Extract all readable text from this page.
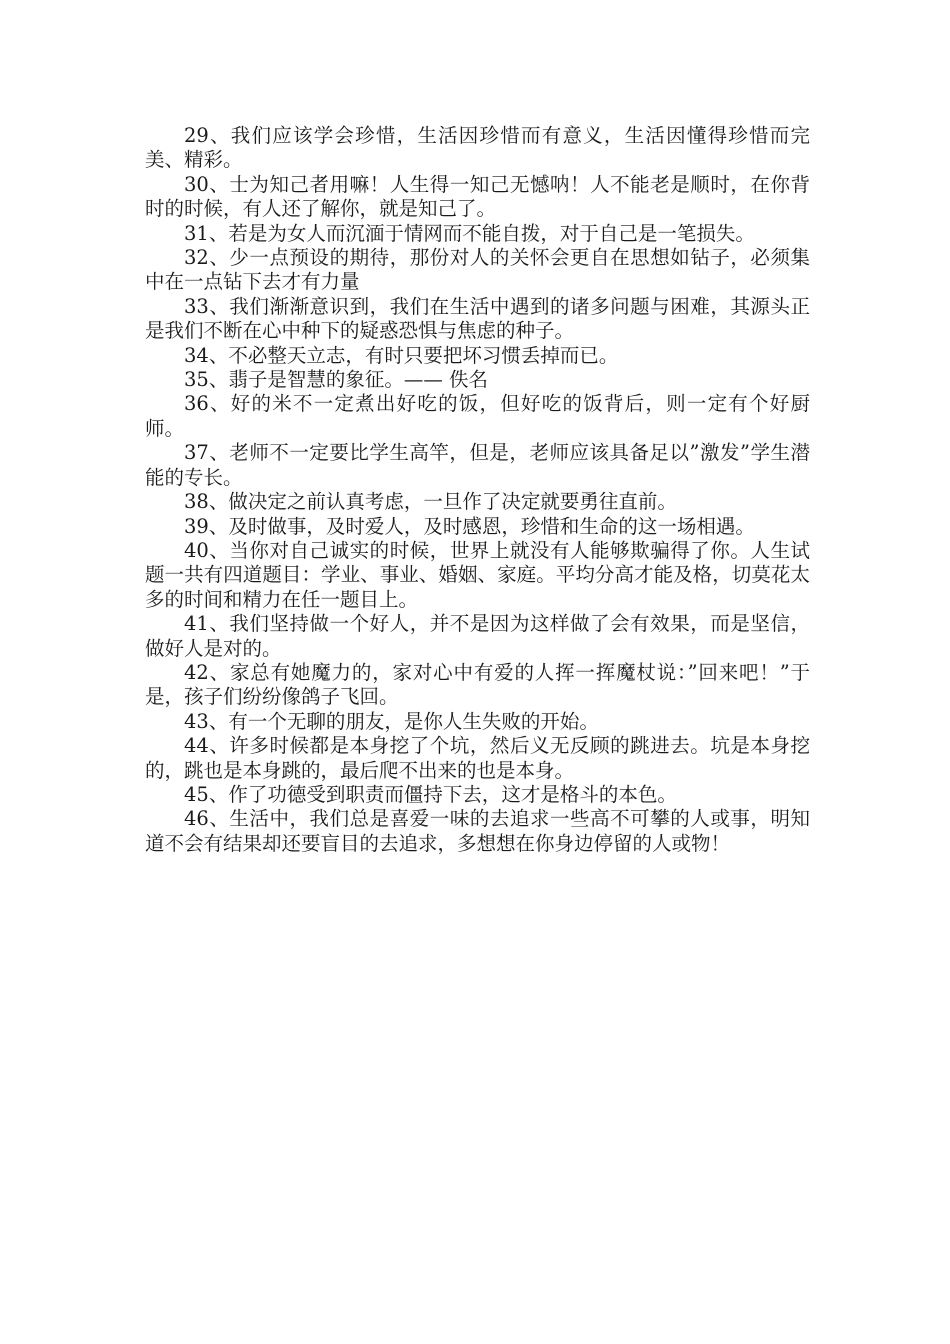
29、我们应该学会珍惜，生活因珍惜而有意义，生活因懂得珍惜而完美、精彩。

30、士为知己者用嘛！人生得一知己无憾呐！人不能老是顺时，在你背时的时候，有人还了解你，就是知己了。

31、若是为女人而沉湎于情网而不能自拨，对于自己是一笔损失。

32、少一点预设的期待，那份对人的关怀会更自在思想如钻子，必须集中在一点钻下去才有力量

33、我们渐渐意识到，我们在生活中遇到的诸多问题与困难，其源头正是我们不断在心中种下的疑惑恐惧与焦虑的种子。

34、不必整天立志，有时只要把坏习惯丢掉而已。

35、翡子是智慧的象征。—— 佚名

36、好的米不一定煮出好吃的饭，但好吃的饭背后，则一定有个好厨师。

37、老师不一定要比学生高竿，但是，老师应该具备足以”激发”学生潜能的专长。

38、做决定之前认真考虑，一旦作了决定就要勇往直前。

39、及时做事，及时爱人，及时感恩，珍惜和生命的这一场相遇。

40、当你对自己诚实的时候，世界上就没有人能够欺骗得了你。人生试题一共有四道题目：学业、事业、婚姻、家庭。平均分高才能及格，切莫花太多的时间和精力在任一题目上。

41、我们坚持做一个好人，并不是因为这样做了会有效果，而是坚信，做好人是对的。

42、家总有她魔力的，家对心中有爱的人挥一挥魔杖说：”回来吧！”于是，孩子们纷纷像鸽子飞回。

43、有一个无聊的朋友，是你人生失败的开始。

44、许多时候都是本身挖了个坑，然后义无反顾的跳进去。坑是本身挖的，跳也是本身跳的，最后爬不出来的也是本身。

45、作了功德受到职责而僵持下去，这才是格斗的本色。

46、生活中，我们总是喜爱一味的去追求一些高不可攀的人或事，明知道不会有结果却还要盲目的去追求，多想想在你身边停留的人或物！
